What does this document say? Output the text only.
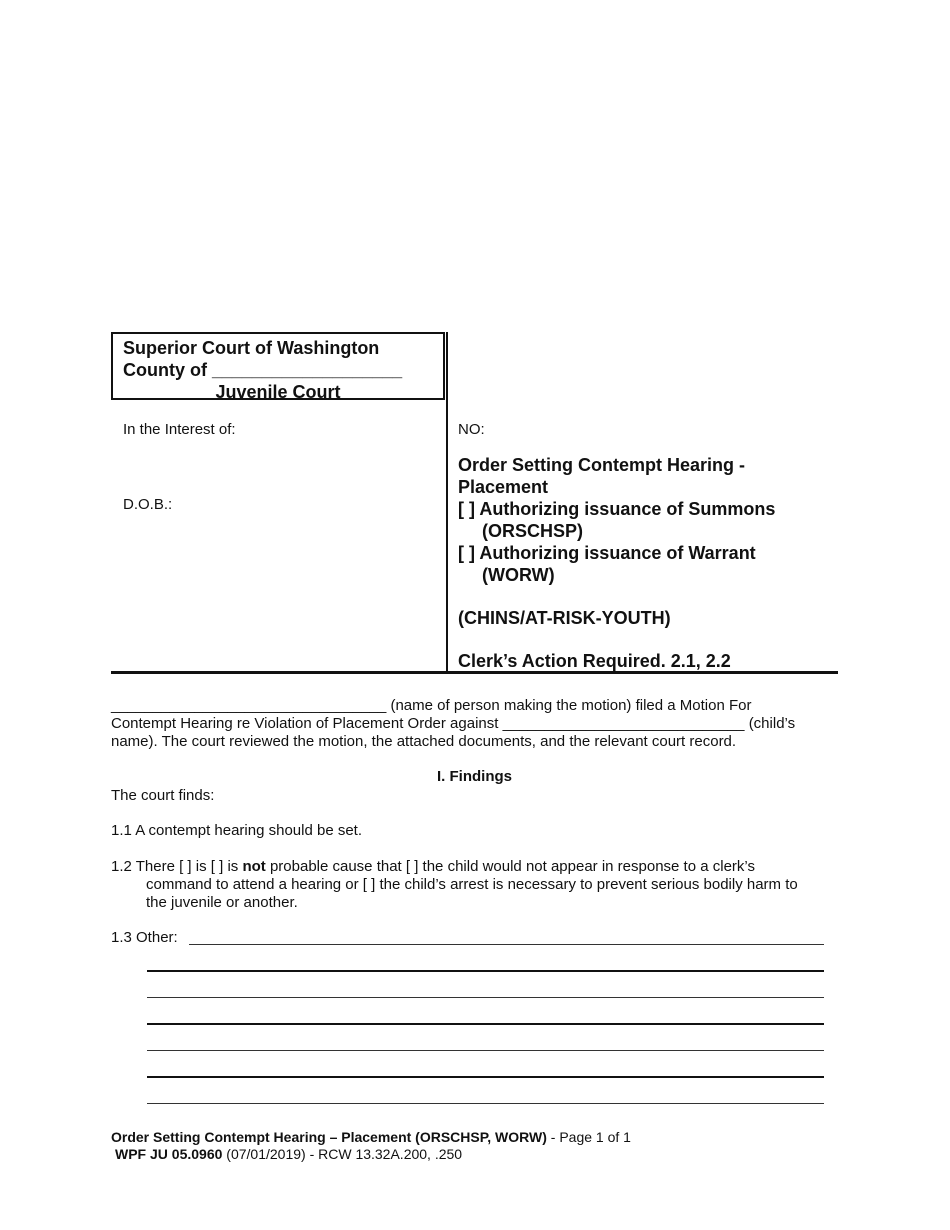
Superior Court of Washington
County of ___________________

Juvenile Court
In the Interest of:
D.O.B.:
NO:
Order Setting Contempt Hearing -
Placement
[ ] Authorizing issuance of Summons
(ORSCHSP)
[ ] Authorizing issuance of Warrant
(WORW)
(CHINS/AT-RISK-YOUTH)
Clerk’s Action Required. 2.1, 2.2
_________________________________ (name of person making the motion) filed a Motion For
Contempt Hearing re Violation of Placement Order against _____________________________ (child’s
name). The court reviewed the motion, the attached documents, and the relevant court record.
I. Findings
The court finds:
1.1 A contempt hearing should be set.
1.2 There [ ] is [ ] is not probable cause that [ ] the child would not appear in response to a clerk’s
command to attend a hearing or [ ] the child’s arrest is necessary to prevent serious bodily harm to
the juvenile or another.
1.3 Other:
Order Setting Contempt Hearing – Placement (ORSCHSP, WORW) - Page 1 of 1
WPF JU 05.0960 (07/01/2019) - RCW 13.32A.200, .250
